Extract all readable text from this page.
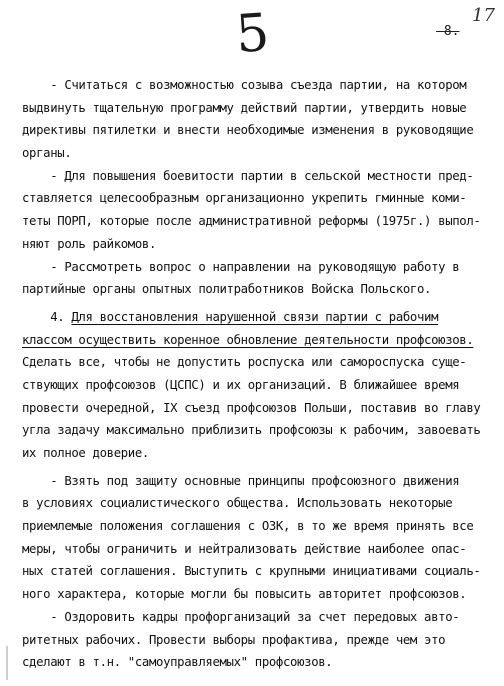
5	-8.
17
- Считаться с возможностью созыва съезда партии, на котором
выдвинуть тщательную программу действий партии, утвердить новые
директивы пятилетки и внести необходимые изменения в руководящие
органы.
- Для повышения боевитости партии в сельской местности пред-
ставляется целесообразным организационно укрепить гминные коми-
теты ПОРП, которые после административной реформы (1975г.) выпол-
няют роль райкомов.
- Рассмотреть вопрос о направлении на руководящую работу в
партийные органы опытных политработников Войска Польского.
4. Для восстановления нарушенной связи партии с рабочим
классом осуществить коренное обновление деятельности профсоюзов.
Сделать все, чтобы не допустить роспуска или самороспуска суще-
ствующих профсоюзов (ЦСПС) и их организаций. В ближайшее время
провести очередной, IX съезд профсоюзов Польши, поставив во главу
угла задачу максимально приблизить профсоюзы к рабочим, завоевать
их полное доверие.
- Взять под защиту основные принципы профсоюзного движения
в условиях социалистического общества. Использовать некоторые
приемлемые положения соглашения с ОЗК, в то же время принять все
меры, чтобы ограничить и нейтрализовать действие наиболее опас-
ных статей соглашения. Выступить с крупными инициативами социаль-
ного характера, которые могли бы повысить авторитет профсоюзов.
- Оздоровить кадры профорганизаций за счет передовых авто-
ритетных рабочих. Провести выборы профактива, прежде чем это
сделают в т.н. "самоуправляемых" профсоюзов.
